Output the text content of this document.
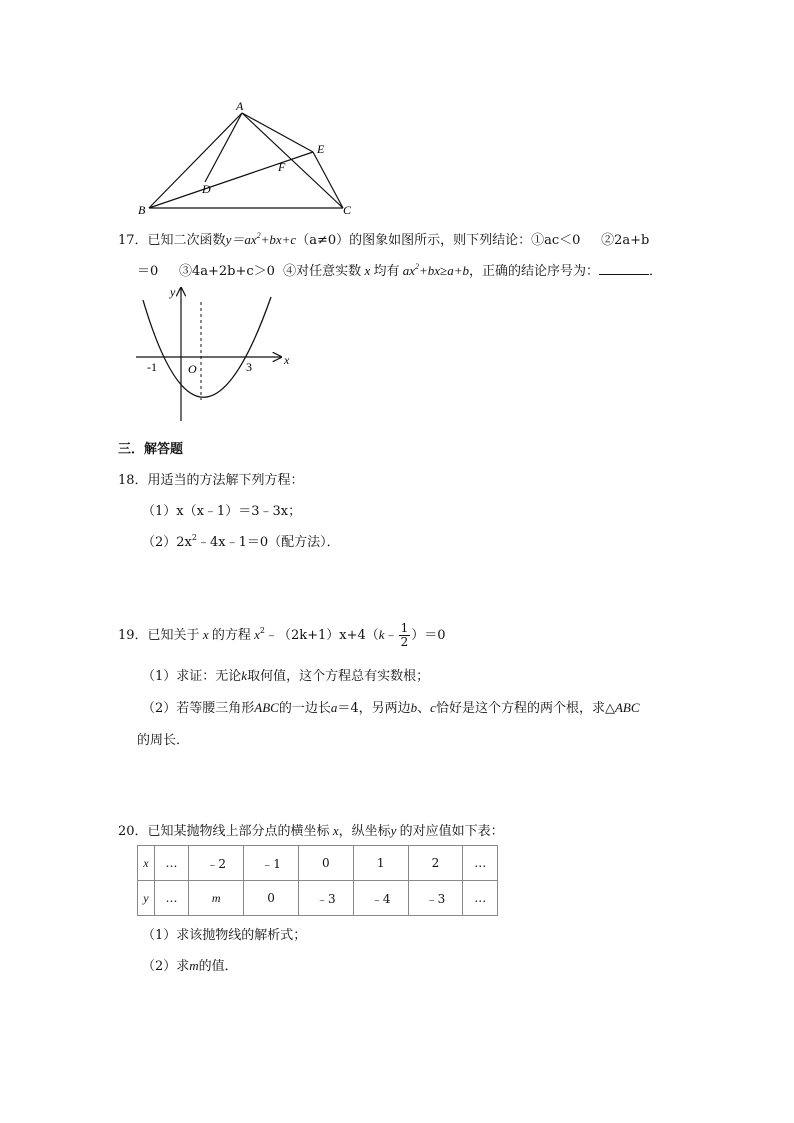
A
B	C
D
E
F
17．已知二次函数$y=ax^2+bx+c(a\ne 0)$的图象如图所示，则下列结论：①ac＜0 ②2a+b
＝0 ③4a+2b+c＞0 ④对任意实数 x 均有 $ax^2+bx\ge a+b$，正确的结论序号为：	．
y
x
O
-1	3
三．解答题
18．用适当的方法解下列方程：
（1）x（x﹣1）＝3﹣3x；
$(2)2x^2﹣4x﹣1=0$（配方法）．
19．已知关于 x 的方程 $x^2﹣(2k+1)x+4(k﹣ \frac{1}{2} )=0$
（1）求证：无论k取何值，这个方程总有实数根；
（2）若等腰三角形ABC的一边长a＝4，另两边b、c恰好是这个方程的两个根，求△ABC
的周长．
20．已知某抛物线上部分点的横坐标 x，纵坐标y 的对应值如下表：
x	…	﹣2	﹣1	0	1	2	…
y	…	m	0	﹣3	﹣4	﹣3	…
（1）求该抛物线的解析式；
（2）求m的值．
